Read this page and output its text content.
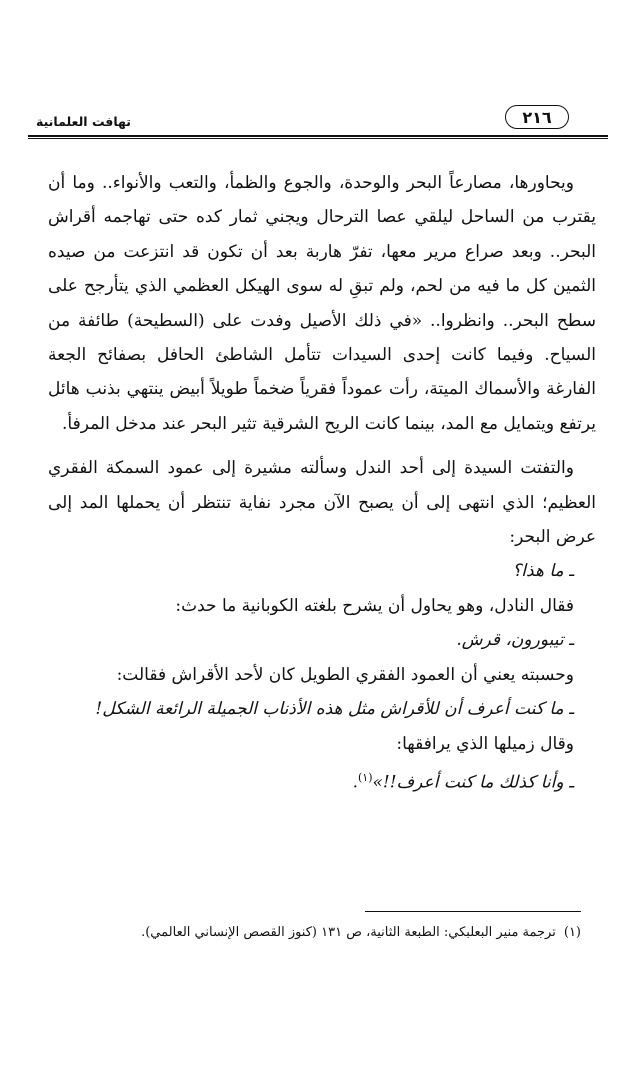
٢١٦
تهافت العلمانية

ويحاورها، مصارعاً البحر والوحدة، والجوع والظمأ، والتعب والأنواء.. وما أن يقترب من الساحل ليلقي عصا الترحال ويجني ثمار كده حتى تهاجمه أقراش البحر.. وبعد صراع مرير معها، تفرّ هاربة بعد أن تكون قد انتزعت من صيده الثمين كل ما فيه من لحم، ولم تبقِ له سوى الهيكل العظمي الذي يتأرجح على سطح البحر.. وانظروا.. «في ذلك الأصيل وفدت على (السطيحة) طائفة من السياح. وفيما كانت إحدى السيدات تتأمل الشاطئ الحافل بصفائح الجعة الفارغة والأسماك الميتة، رأت عموداً فقرياً ضخماً طويلاً أبيض ينتهي بذنب هائل يرتفع ويتمايل مع المد، بينما كانت الريح الشرقية تثير البحر عند مدخل المرفأ.

والتفتت السيدة إلى أحد الندل وسألته مشيرة إلى عمود السمكة الفقري العظيم؛ الذي انتهى إلى أن يصبح الآن مجرد نفاية تنتظر أن يحملها المد إلى عرض البحر:

ـ ما هذا؟

فقال النادل، وهو يحاول أن يشرح بلغته الكوبانية ما حدث:

ـ تيبورون، قرش.

وحسبته يعني أن العمود الفقري الطويل كان لأحد الأقراش فقالت:

ـ ما كنت أعرف أن للأقراش مثل هذه الأذناب الجميلة الرائعة الشكل!

وقال زميلها الذي يرافقها:

ـ وأنا كذلك ما كنت أعرف!!»$^{(١)}$.

(١)ترجمة منير البعلبكي: الطبعة الثانية، ص ١٣١ (كنوز القصص الإنساني العالمي).
